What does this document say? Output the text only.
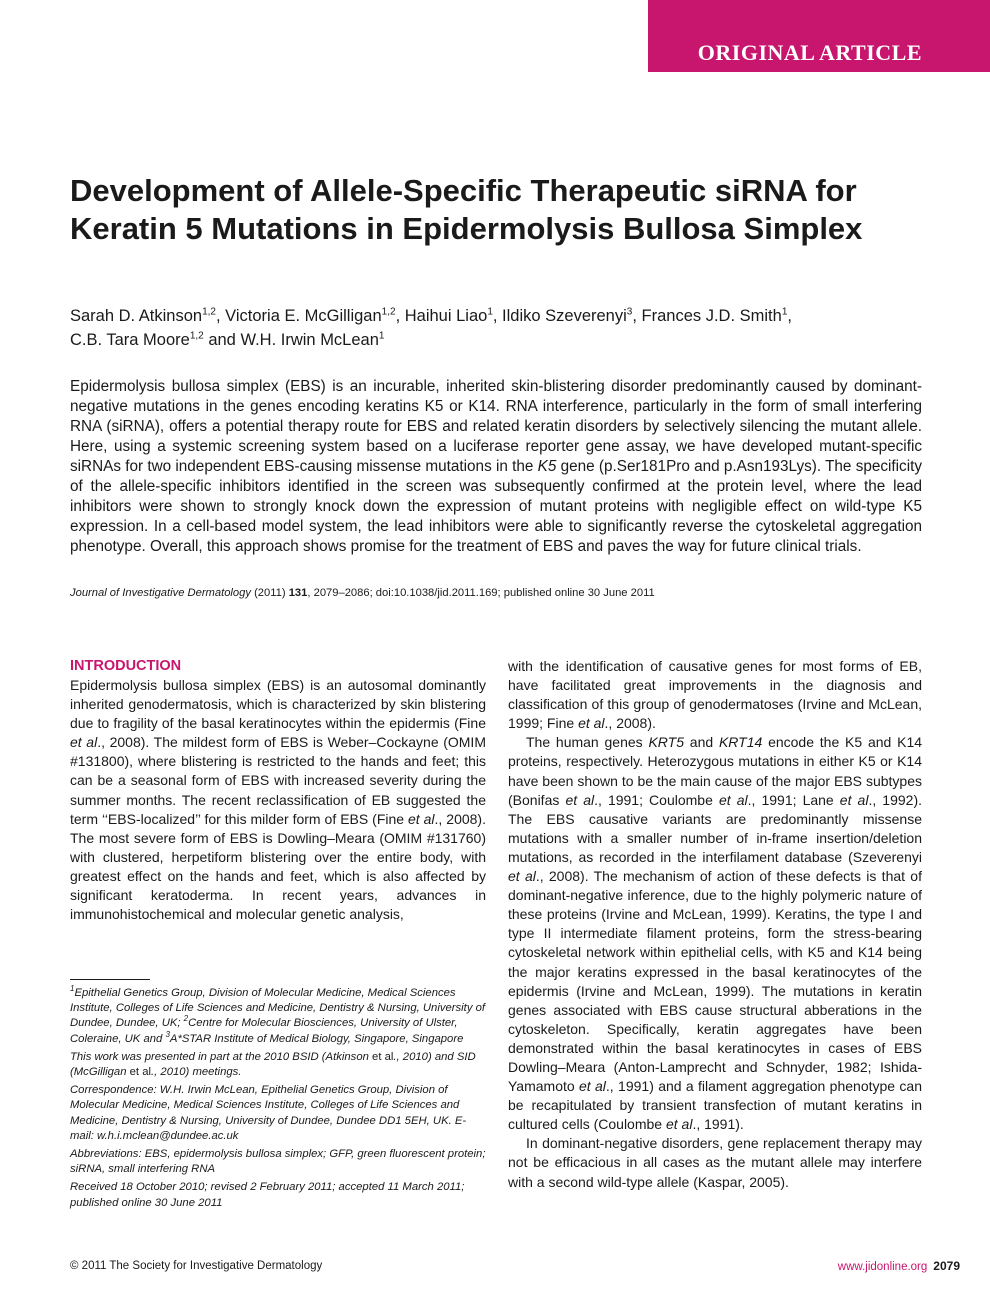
ORIGINAL ARTICLE
Development of Allele-Specific Therapeutic siRNA for Keratin 5 Mutations in Epidermolysis Bullosa Simplex

Sarah D. Atkinson$^{1,2}$, Victoria E. McGilligan$^{1,2}$, Haihui Liao$^1$, Ildiko Szeverenyi$^3$, Frances J.D. Smith$^1$,
C.B. Tara Moore$^{1,2}$ and W.H. Irwin McLean$^1$

Epidermolysis bullosa simplex (EBS) is an incurable, inherited skin-blistering disorder predominantly caused by dominant-negative mutations in the genes encoding keratins K5 or K14. RNA interference, particularly in the form of small interfering RNA (siRNA), offers a potential therapy route for EBS and related keratin disorders by selectively silencing the mutant allele. Here, using a systemic screening system based on a luciferase reporter gene assay, we have developed mutant-specific siRNAs for two independent EBS-causing missense mutations in the K5 gene (p.Ser181Pro and p.Asn193Lys). The specificity of the allele-specific inhibitors identified in the screen was subsequently confirmed at the protein level, where the lead inhibitors were shown to strongly knock down the expression of mutant proteins with negligible effect on wild-type K5 expression. In a cell-based model system, the lead inhibitors were able to significantly reverse the cytoskeletal aggregation phenotype. Overall, this approach shows promise for the treatment of EBS and paves the way for future clinical trials.

Journal of Investigative Dermatology (2011) 131, 2079–2086; doi:10.1038/jid.2011.169; published online 30 June 2011

INTRODUCTION

Epidermolysis bullosa simplex (EBS) is an autosomal dominantly inherited genodermatosis, which is characterized by skin blistering due to fragility of the basal keratinocytes within the epidermis (Fine et al., 2008). The mildest form of EBS is Weber–Cockayne (OMIM #131800), where blistering is restricted to the hands and feet; this can be a seasonal form of EBS with increased severity during the summer months. The recent reclassification of EB suggested the term ‘‘EBS-localized’’ for this milder form of EBS (Fine et al., 2008). The most severe form of EBS is Dowling–Meara (OMIM #131760) with clustered, herpetiform blistering over the entire body, with greatest effect on the hands and feet, which is also affected by significant keratoderma. In recent years, advances in immunohistochemical and molecular genetic analysis,

with the identification of causative genes for most forms of EB, have facilitated great improvements in the diagnosis and classification of this group of genodermatoses (Irvine and McLean, 1999; Fine et al., 2008).
The human genes KRT5 and KRT14 encode the K5 and K14 proteins, respectively. Heterozygous mutations in either K5 or K14 have been shown to be the main cause of the major EBS subtypes (Bonifas et al., 1991; Coulombe et al., 1991; Lane et al., 1992). The EBS causative variants are predominantly missense mutations with a smaller number of in-frame insertion/deletion mutations, as recorded in the interfilament database (Szeverenyi et al., 2008). The mechanism of action of these defects is that of dominant-negative inference, due to the highly polymeric nature of these proteins (Irvine and McLean, 1999). Keratins, the type I and type II intermediate filament proteins, form the stress-bearing cytoskeletal network within epithelial cells, with K5 and K14 being the major keratins expressed in the basal keratinocytes of the epidermis (Irvine and McLean, 1999). The mutations in keratin genes associated with EBS cause structural abberations in the cytoskeleton. Specifically, keratin aggregates have been demonstrated within the basal keratinocytes in cases of EBS Dowling–Meara (Anton-Lamprecht and Schnyder, 1982; Ishida-Yamamoto et al., 1991) and a filament aggregation phenotype can be recapitulated by transient transfection of mutant keratins in cultured cells (Coulombe et al., 1991).
In dominant-negative disorders, gene replacement therapy may not be efficacious in all cases as the mutant allele may interfere with a second wild-type allele (Kaspar, 2005).

$^1$Epithelial Genetics Group, Division of Molecular Medicine, Medical Sciences Institute, Colleges of Life Sciences and Medicine, Dentistry & Nursing, University of Dundee, Dundee, UK; $^2$Centre for Molecular Biosciences, University of Ulster, Coleraine, UK and $^3$A*STAR Institute of Medical Biology, Singapore, Singapore

This work was presented in part at the 2010 BSID (Atkinson et al., 2010) and SID (McGilligan et al., 2010) meetings.

Correspondence: W.H. Irwin McLean, Epithelial Genetics Group, Division of Molecular Medicine, Medical Sciences Institute, Colleges of Life Sciences and Medicine, Dentistry & Nursing, University of Dundee, Dundee DD1 5EH, UK. E-mail: w.h.i.mclean@dundee.ac.uk

Abbreviations: EBS, epidermolysis bullosa simplex; GFP, green fluorescent protein; siRNA, small interfering RNA

Received 18 October 2010; revised 2 February 2011; accepted 11 March 2011; published online 30 June 2011

© 2011 The Society for Investigative Dermatology	www.jidonline.org 2079
